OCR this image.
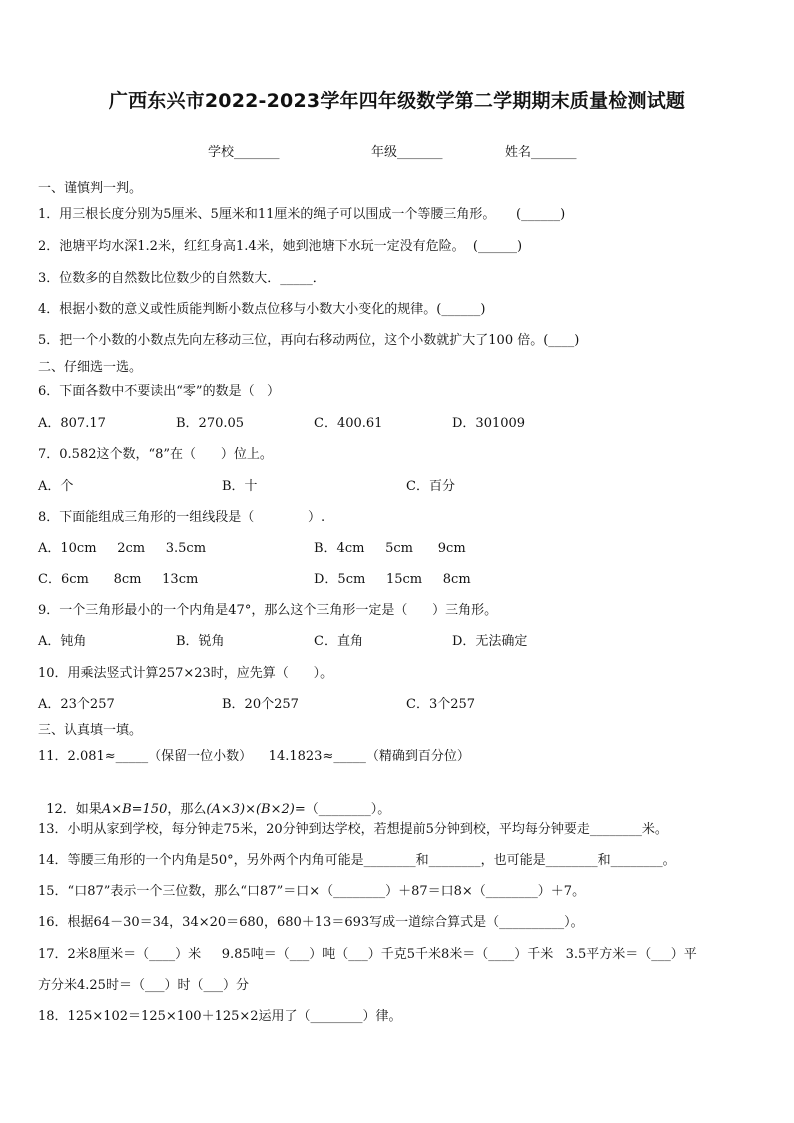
广西东兴市2022-2023学年四年级数学第二学期期末质量检测试题
学校_______	年级_______	姓名_______
一、谨慎判一判。
1．用三根长度分别为5厘米、5厘米和11厘米的绳子可以围成一个等腰三角形。     (______)
2．池塘平均水深1.2米，红红身高1.4米，她到池塘下水玩一定没有危险。  (______)
3．位数多的自然数比位数少的自然数大．_____．
4．根据小数的意义或性质能判断小数点位移与小数大小变化的规律。(______)
5．把一个小数的小数点先向左移动三位，再向右移动两位，这个小数就扩大了100 倍。(____)
二、仔细选一选。
6．下面各数中不要读出“零”的数是（   ）
A．807.17	B．270.05	C．400.61	D．301009
7．0.582这个数，“8”在（      ）位上。
A．个	B．十	C．百分
8．下面能组成三角形的一组线段是（             ）.
A．10cm     2cm     3.5cm	B．4cm     5cm      9cm
C．6cm      8cm     13cm	D．5cm     15cm     8cm
9．一个三角形最小的一个内角是47°，那么这个三角形一定是（      ）三角形。
A．钝角	B．锐角	C．直角	D．无法确定
10．用乘法竖式计算257×23时，应先算（      ）。
A．23个257	B．20个257	C．3个257
三、认真填一填。
11．2.081≈_____（保留一位小数）    14.1823≈_____（精确到百分位）

12．如果A×B=150，那么(A×3)×(B×2)=（________）。

13．小明从家到学校，每分钟走75米，20分钟到达学校，若想提前5分钟到校，平均每分钟要走________米。
14．等腰三角形的一个内角是50°，另外两个内角可能是________和________，也可能是________和________。
15．“口87”表示一个三位数，那么“口87”＝口×（________）＋87＝口8×（________）＋7。
16．根据64－30＝34，34×20＝680，680＋13＝693写成一道综合算式是（__________）。
17．2米8厘米＝（____）米     9.85吨＝（___）吨（___）千克5千米8米＝（____）千米   3.5平方米＝（___）平
方分米4.25时＝（___）时（___）分
18．125×102＝125×100＋125×2运用了（________）律。
